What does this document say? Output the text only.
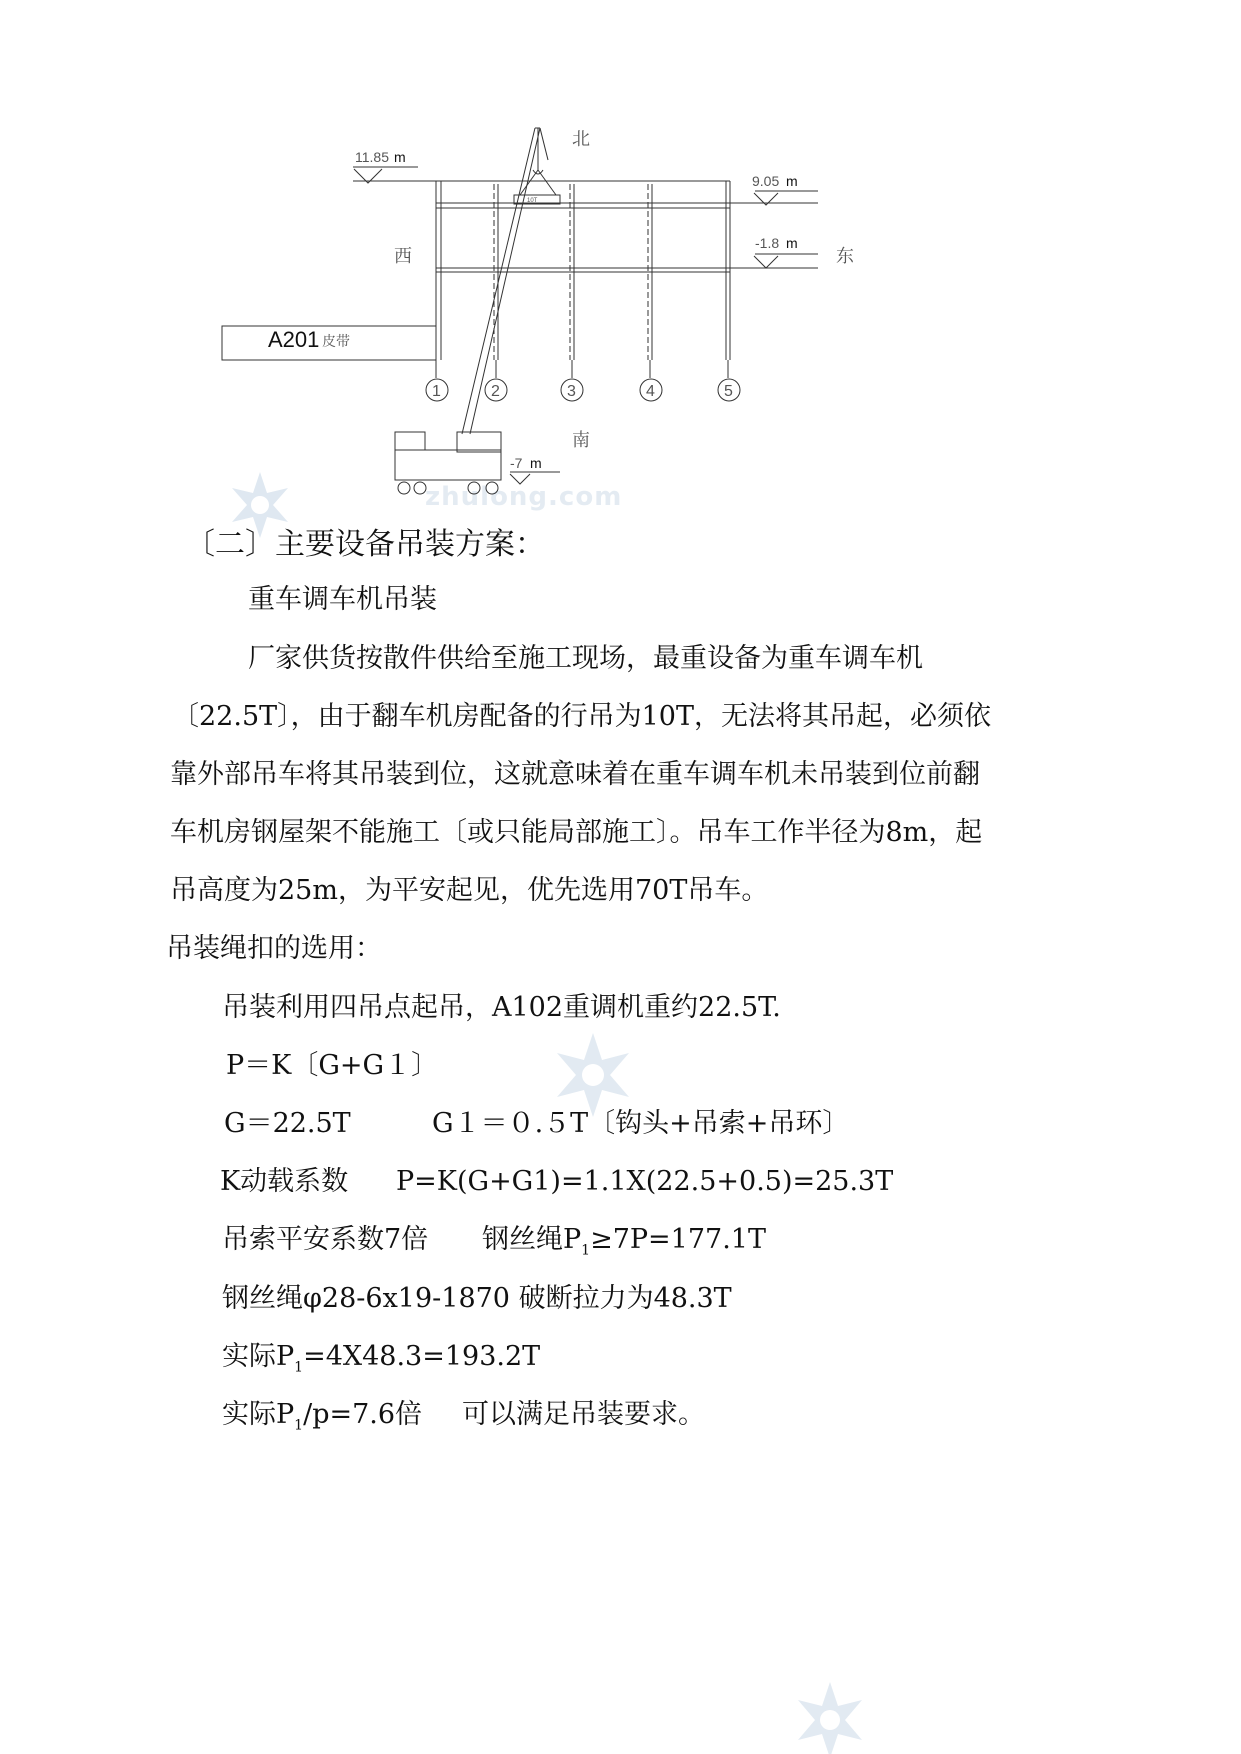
zhulong.com
北
西	东
南
11.85 m
9.05 m
-1.8 m
-7 m
A201 皮带
10T
1	2	3	4	5
〔二〕主要设备吊装方案：
重车调车机吊装
厂家供货按散件供给至施工现场，最重设备为重车调车机
〔22.5T〕，由于翻车机房配备的行吊为10T，无法将其吊起，必须依
靠外部吊车将其吊装到位，这就意味着在重车调车机未吊装到位前翻
车机房钢屋架不能施工〔或只能局部施工〕。吊车工作半径为8m，起
吊高度为25m，为平安起见，优先选用70T吊车。
吊装绳扣的选用：
吊装利用四吊点起吊，A102重调机重约22.5T.
P＝K〔G+G１〕
G＝22.5T	G１＝０.５T〔钩头+吊索+吊环〕
K动载系数 P=K(G+G1)=1.1X(22.5+0.5)=25.3T
吊索平安系数7倍 钢丝绳$P_1\ge 7P=177.1T$
钢丝绳φ28-6x19-1870 破断拉力为48.3T
实际$P_1=4X48.3=193.2T$
实际$P_1/p=7.6$倍 可以满足吊装要求。
